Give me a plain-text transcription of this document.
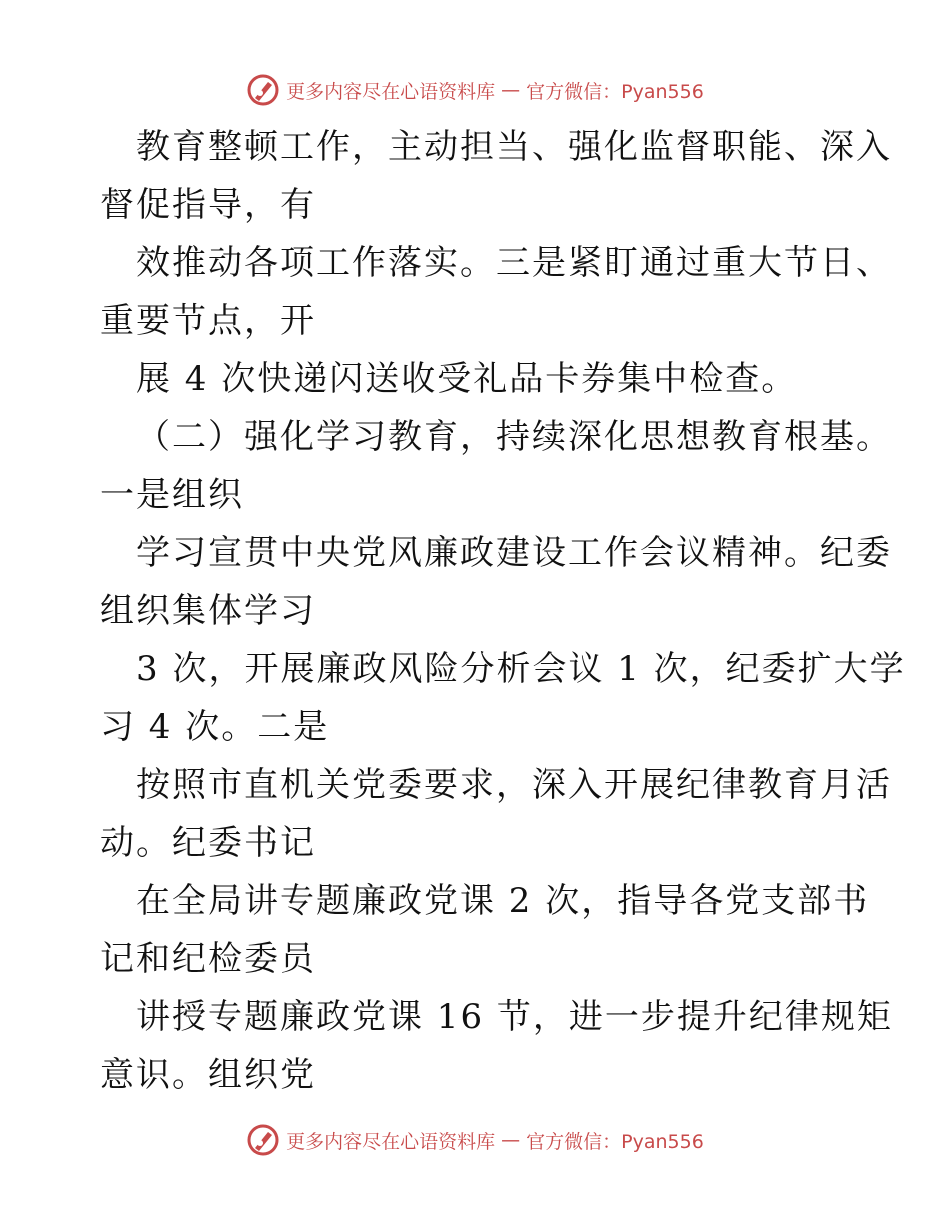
更多内容尽在心语资料库 — 官方微信：Pyan556
教育整顿工作，主动担当、强化监督职能、深入
督促指导，有
效推动各项工作落实。三是紧盯通过重大节日、
重要节点，开
展 4 次快递闪送收受礼品卡券集中检查。
（二）强化学习教育，持续深化思想教育根基。
一是组织
学习宣贯中央党风廉政建设工作会议精神。纪委
组织集体学习
3 次，开展廉政风险分析会议 1 次，纪委扩大学
习 4 次。二是
按照市直机关党委要求，深入开展纪律教育月活
动。纪委书记
在全局讲专题廉政党课 2 次，指导各党支部书
记和纪检委员
讲授专题廉政党课 16 节，进一步提升纪律规矩
意识。组织党
更多内容尽在心语资料库 — 官方微信：Pyan556
